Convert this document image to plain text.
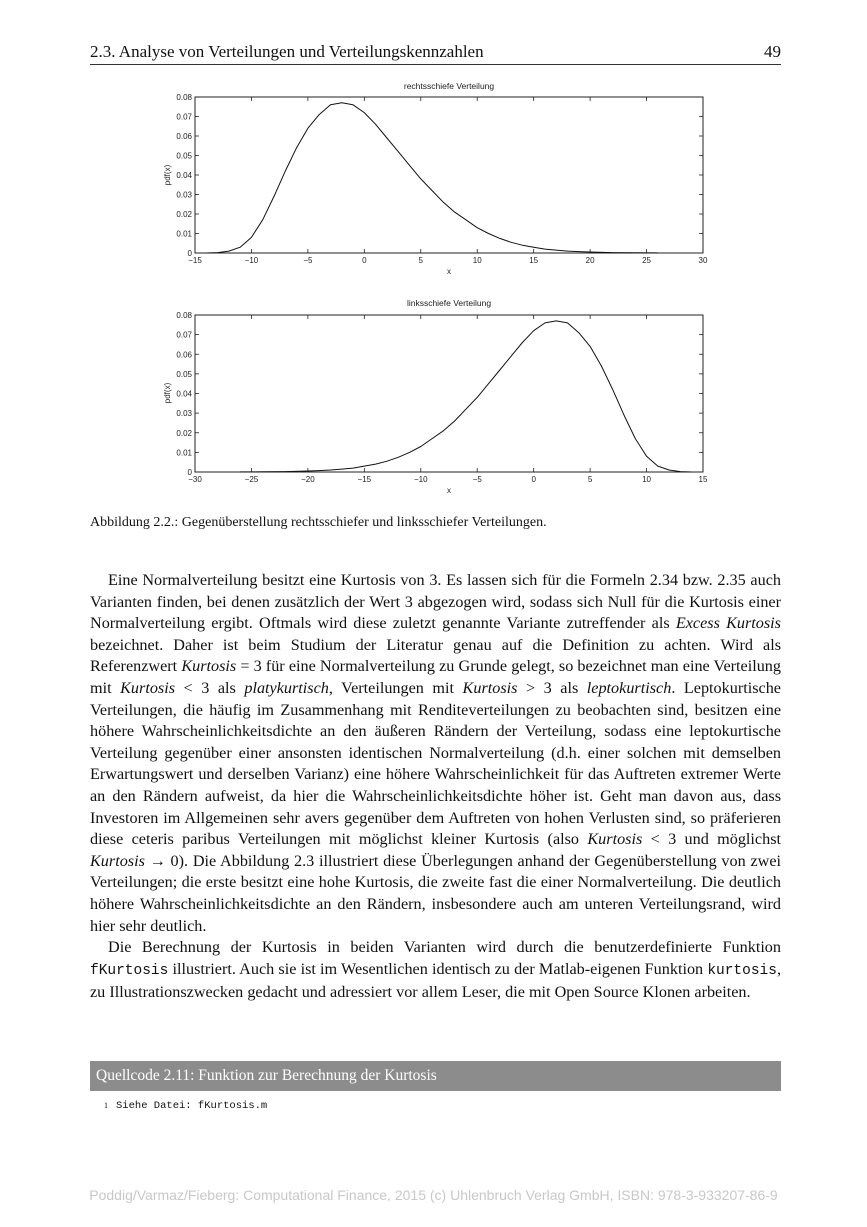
2.3. Analyse von Verteilungen und Verteilungskennzahlen	49
rechtsschiefe Verteilung
x
pdf(x)
−15	−10	−5	0	5	10	15	20	25	30
0
0.01
0.02
0.03
0.04
0.05
0.06
0.07
0.08
linksschiefe Verteilung
x
pdf(x)
−30	−25	−20	−15	−10	−5	0	5	10	15
0
0.01
0.02
0.03
0.04
0.05
0.06
0.07
0.08
Abbildung 2.2.: Gegenüberstellung rechtsschiefer und linksschiefer Verteilungen.

Eine Normalverteilung besitzt eine Kurtosis von 3. Es lassen sich für die Formeln 2.34 bzw. 2.35 auch Varianten finden, bei denen zusätzlich der Wert 3 abgezogen wird, sodass sich Null für die Kurtosis einer Normalverteilung ergibt. Oftmals wird diese zuletzt genannte Variante zutreffender als Excess Kurtosis bezeichnet. Daher ist beim Studium der Literatur genau auf die Definition zu achten. Wird als Referenzwert Kurtosis = 3 für eine Normalverteilung zu Grunde gelegt, so bezeichnet man eine Verteilung mit Kurtosis < 3 als platykurtisch, Verteilungen mit Kurtosis > 3 als leptokurtisch. Leptokurtische Verteilungen, die häufig im Zusammenhang mit Renditeverteilungen zu beobachten sind, besitzen eine höhere Wahrscheinlichkeitsdichte an den äußeren Rändern der Verteilung, sodass eine leptokurtische Verteilung gegenüber einer ansonsten identischen Normalverteilung (d.h. einer solchen mit demselben Erwartungswert und derselben Varianz) eine höhere Wahrscheinlichkeit für das Auftreten extremer Werte an den Rändern aufweist, da hier die Wahrscheinlichkeitsdichte höher ist. Geht man davon aus, dass Investoren im Allgemeinen sehr avers gegenüber dem Auftreten von hohen Verlusten sind, so präferieren diese ceteris paribus Verteilungen mit möglichst kleiner Kurtosis (also Kurtosis < 3 und möglichst Kurtosis → 0). Die Abbildung 2.3 illustriert diese Überlegungen anhand der Gegenüberstellung von zwei Verteilungen; die erste besitzt eine hohe Kurtosis, die zweite fast die einer Normalverteilung. Die deutlich höhere Wahrscheinlichkeitsdichte an den Rändern, insbesondere auch am unteren Verteilungsrand, wird hier sehr deutlich.

Die Berechnung der Kurtosis in beiden Varianten wird durch die benutzerdefinierte Funktion fKurtosis illustriert. Auch sie ist im Wesentlichen identisch zu der Matlab-eigenen Funktion kurtosis, zu Illustrationszwecken gedacht und adressiert vor allem Leser, die mit Open Source Klonen arbeiten.

Quellcode 2.11: Funktion zur Berechnung der Kurtosis
1 Siehe Datei: fKurtosis.m
Poddig/Varmaz/Fieberg: Computational Finance, 2015 (c) Uhlenbruch Verlag GmbH, ISBN: 978-3-933207-86-9
